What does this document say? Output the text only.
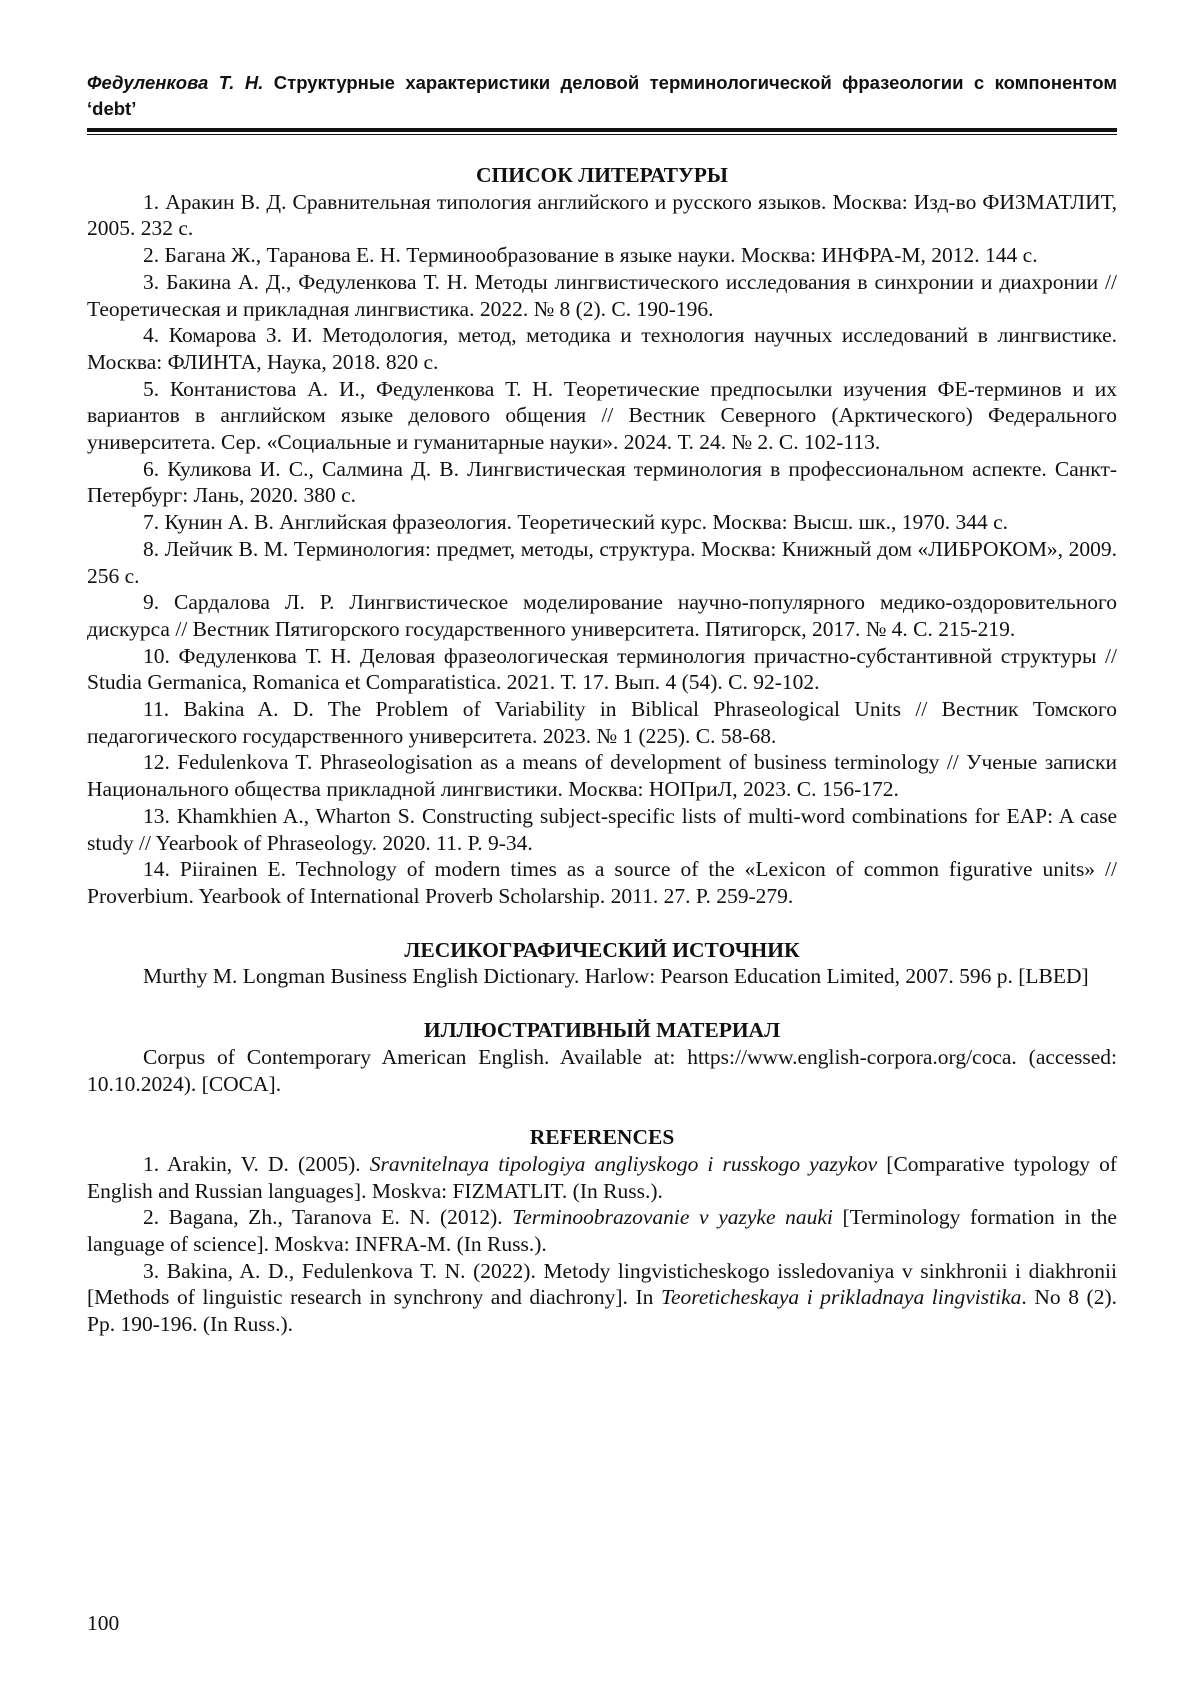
Федуленкова Т. Н. Структурные характеристики деловой терминологической фразеологии с компонентом ‘debt’
СПИСОК ЛИТЕРАТУРЫ

1. Аракин В. Д. Сравнительная типология английского и русского языков. Москва: Изд-во ФИЗМАТЛИТ, 2005. 232 с.

2. Багана Ж., Таранова Е. Н. Терминообразование в языке науки. Москва: ИНФРА-М, 2012. 144 с.

3. Бакина А. Д., Федуленкова Т. Н. Методы лингвистического исследования в синхронии и диахронии // Теоретическая и прикладная лингвистика. 2022. № 8 (2). С. 190-196.

4. Комарова З. И. Методология, метод, методика и технология научных исследований в лингвистике. Москва: ФЛИНТА, Наука, 2018. 820 с.

5. Контанистова А. И., Федуленкова Т. Н. Теоретические предпосылки изучения ФЕ-терминов и их вариантов в английском языке делового общения // Вестник Северного (Арктического) Федерального университета. Сер. «Социальные и гуманитарные науки». 2024. Т. 24. № 2. С. 102-113.

6. Куликова И. С., Салмина Д. В. Лингвистическая терминология в профессиональном аспекте. Санкт-Петербург: Лань, 2020. 380 с.

7. Кунин А. В. Английская фразеология. Теоретический курс. Москва: Высш. шк., 1970. 344 с.

8. Лейчик В. М. Терминология: предмет, методы, структура. Москва: Книжный дом «ЛИБРОКОМ», 2009. 256 с.

9. Сардалова Л. Р. Лингвистическое моделирование научно-популярного медико-оздоровительного дискурса // Вестник Пятигорского государственного университета. Пятигорск, 2017. № 4. С. 215-219.

10. Федуленкова Т. Н. Деловая фразеологическая терминология причастно-субстантивной структуры // Studia Germanica, Romanica et Comparatistica. 2021. Т. 17. Вып. 4 (54). С. 92-102.

11. Bakina A. D. The Problem of Variability in Biblical Phraseological Units // Вестник Томского педагогического государственного университета. 2023. № 1 (225). С. 58-68.

12. Fedulenkova T. Phraseologisation as a means of development of business terminology // Ученые записки Национального общества прикладной лингвистики. Москва: НОПриЛ, 2023. С. 156-172.

13. Khamkhien A., Wharton S. Constructing subject-specific lists of multi-word combinations for EAP: A case study // Yearbook of Phraseology. 2020. 11. P. 9-34.

14. Piirainen E. Technology of modern times as a source of the «Lexicon of common figurative units» // Proverbium. Yearbook of International Proverb Scholarship. 2011. 27. P. 259-279.

ЛЕСИКОГРАФИЧЕСКИЙ ИСТОЧНИК

Murthy M. Longman Business English Dictionary. Harlow: Pearson Education Limited, 2007. 596 p. [LBED]

ИЛЛЮСТРАТИВНЫЙ МАТЕРИАЛ

Corpus of Contemporary American English. Available at: https://www.english-corpora.org/coca. (accessed: 10.10.2024). [COCA].

REFERENCES

1. Arakin, V. D. (2005). Sravnitelnaya tipologiya angliyskogo i russkogo yazykov [Comparative typology of English and Russian languages]. Moskva: FIZMATLIT. (In Russ.).

2. Bagana, Zh., Taranova E. N. (2012). Terminoobrazovanie v yazyke nauki [Terminology formation in the language of science]. Moskva: INFRA-M. (In Russ.).

3. Bakina, A. D., Fedulenkova T. N. (2022). Metody lingvisticheskogo issledovaniya v sinkhronii i diakhronii [Methods of linguistic research in synchrony and diachrony]. In Teoreticheskaya i prikladnaya lingvistika. No 8 (2). Pp. 190-196. (In Russ.).

100
